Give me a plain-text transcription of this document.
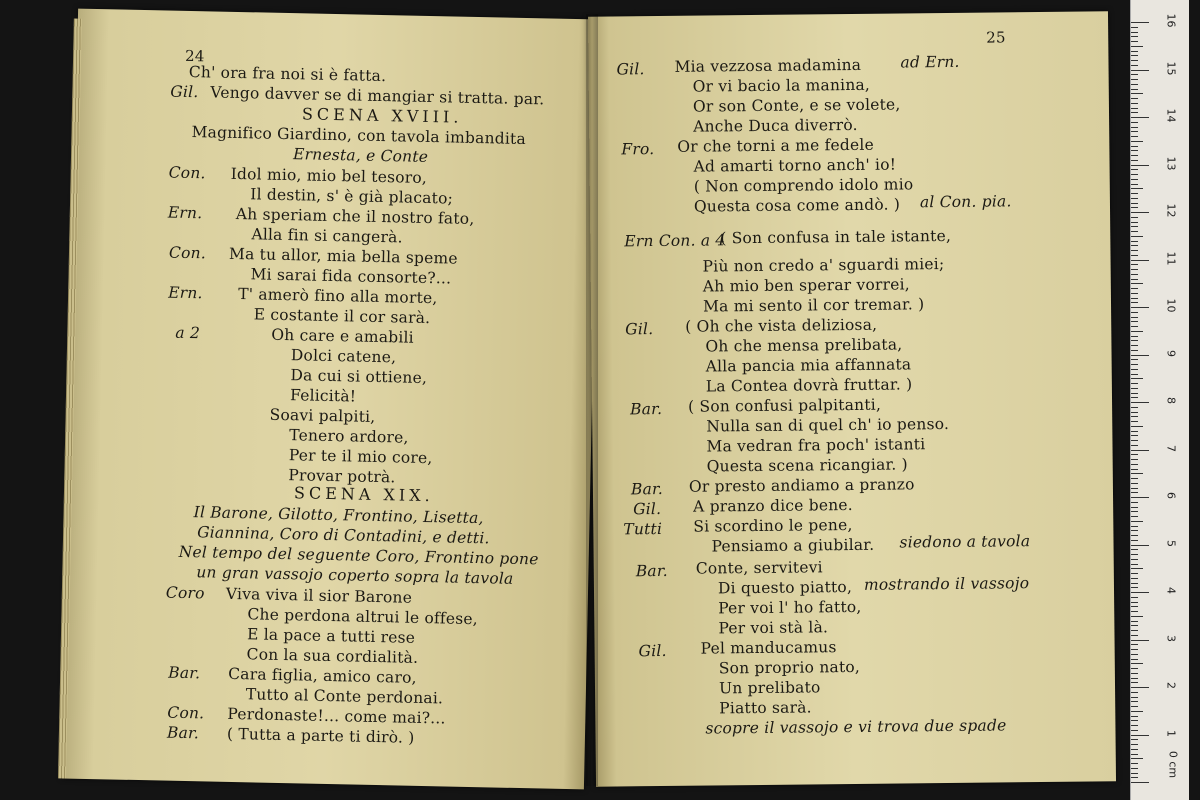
24
Ch' ora fra noi si è fatta.
Gil. Vengo davver se di mangiar si tratta. par.
SCENA XVIII.
Magnifico Giardino, con tavola imbandita
Ernesta, e Conte
Con. Idol mio, mio bel tesoro,
Il destin, s' è già placato;
Ern. Ah speriam che il nostro fato,
Alla fin si cangerà.
Con. Ma tu allor, mia bella speme
Mi sarai fida consorte?...
Ern. T' amerò fino alla morte,
E costante il cor sarà.
a 2	Oh care e amabili
Dolci catene,
Da cui si ottiene,
Felicità!
Soavi palpiti,
Tenero ardore,
Per te il mio core,
Provar potrà.
SCENA XIX.
Il Barone, Gilotto, Frontino, Lisetta,
Giannina, Coro di Contadini, e detti.
Nel tempo del seguente Coro, Frontino pone
un gran vassojo coperto sopra la tavola
Coro Viva viva il sior Barone
Che perdona altrui le offese,
E la pace a tutti rese
Con la sua cordialità.
Bar. Cara figlia, amico caro,
Tutto al Conte perdonai.
Con. Perdonaste!... come mai?...
Bar. ( Tutta a parte ti dirò. )
25
Gil. Mia vezzosa madamina	ad Ern.
Or vi bacio la manina,
Or son Conte, e se volete,
Anche Duca diverrò.
Fro. Or che torni a me fedele
Ad amarti torno anch' io!
( Non comprendo idolo mio
Questa cosa come andò. ) al Con. pia.
Ern Con. a 4
( Son confusa in tale istante,
Più non credo a' sguardi miei;
Ah mio ben sperar vorrei,
Ma mi sento il cor tremar. )
Gil. ( Oh che vista deliziosa,
Oh che mensa prelibata,
Alla pancia mia affannata
La Contea dovrà fruttar. )
Bar. ( Son confusi palpitanti,
Nulla san di quel ch' io penso.
Ma vedran fra poch' istanti
Questa scena ricangiar. )
Bar. Or presto andiamo a pranzo
Gil. A pranzo dice bene.
Tutti Si scordino le pene,
Pensiamo a giubilar. siedono a tavola
Bar. Conte, servitevi
Di questo piatto, mostrando il vassojo
Per voi l' ho fatto,
Per voi stà là.
Gil. Pel manducamus
Son proprio nato,
Un prelibato
Piatto sarà.
scopre il vassojo e vi trova due spade
0 cm
1
2
3
4
5
6
7
8
9
10
11
12
13
14
15
16
